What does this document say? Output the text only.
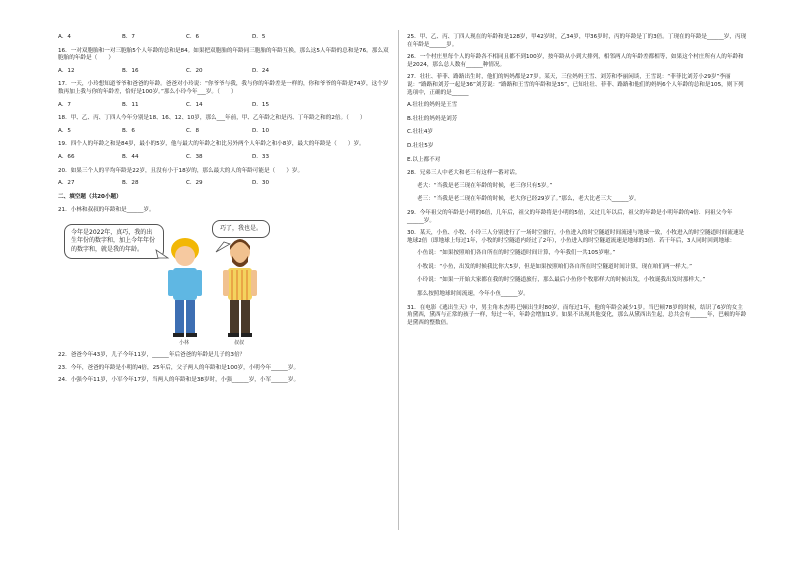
A．4	B．7	C．6	D．5
16．一对双胞胎和一对三胞胎5个人年龄的总和是84。如果把双胞胎的年龄同三胞胎的年龄互换，那么这5人年龄的总和是76。那么双胞胎的年龄是（　　）
A．12	B．16	C．20	D．24
17．一天，小玲想知道爷爷和爸爸的年龄。爸爸对小玲说：“你爷爷与我，我与你的年龄差是一样的，你和爷爷的年龄是74岁，这个岁数再加上我与你的年龄差，恰好是100岁。”那么小玲今年___岁。（　　）
A．7	B．11	C．14	D．15
18．甲、乙、丙、丁四人今年分别是18、16、12、10岁，那么___年前，甲、乙年龄之和是丙、丁年龄之和的2倍。（　　）
A．5	B．6	C．8	D．10
19．四个人的年龄之和是84岁，最小的5岁，他与最大的年龄之和比另外两个人年龄之和小8岁，最大的年龄是（　　）岁。
A．66	B．44	C．38	D．33
20．如果三个人的平均年龄是22岁，且没有小于18岁的，那么最大的人的年龄可能是（　　）岁。
A．27	B．28	C．29	D．30
二、填空题（共20小题）
21．小林和叔叔的年龄和是______岁。
今年是2022年，真巧，我的出生年份的数字和，加上今年年份的数字和，就是我的年龄。
巧了，我也是。
小林	叔叔
22．爸爸今年43岁，儿子今年11岁，______年后爸爸的年龄是儿子的3倍？
23．今年，爸爸的年龄是小明的4倍，25年后，父子两人的年龄和是100岁，小明今年______岁。
24．小强今年11岁，小军今年17岁，当两人的年龄和是38岁时，小强______岁，小军______岁。
25．甲、乙、丙、丁四人现在的年龄和是128岁，甲42岁时，乙34岁，甲36岁时，丙的年龄是丁的3倍。丁现在的年龄是______岁，丙现在年龄是______岁。
26．一个村庄里每个人的年龄各不相同且都不到100岁，按年龄从小到大排列，相邻两人的年龄差都相等，如果这个村庄所有人的年龄和是2024，那么总人数有______种情况。
27．壮壮、菲菲、路路出生时，他们的妈妈都是27岁。某天，三位妈妈王雪、刘芳和李丽闲谈，王雪说：“菲菲比刘芳小29岁”李丽说：“路路和刘芳一起是36”刘芳说：“路路和王雪的年龄和是35”，已知壮壮、菲菲、路路和他们的妈妈6个人年龄的总和是105，则下列选项中，正确的是______
A.壮壮的妈妈是王雪
B.壮壮的妈妈是刘芳
C.壮壮4岁
D.壮壮5岁
E.以上都不对
28．兄弟三人中老大和老三有这样一番对话。
老大：“当我是老三现在年龄的时候，老三你只有5岁。”
老三：“当我是老二现在年龄的时候，老大你已经29岁了。”那么，老大比老三大______岁。
29．今年祖父的年龄是小明的6倍，几年后，祖父的年龄将是小明的5倍，又过几年以后，祖父的年龄是小明年龄的4倍．问祖父今年______岁。
30．某天，小鱼、小牧、小玲三人分别进行了一场时空旅行，小鱼进入的时空隧道时间流速与地球一致，小牧进入的时空隧道时间流速是地球2倍（即地球上每过1年，小牧的时空隧道内经过了2年），小鱼进入的时空隧道流速是地球的3倍．若干年后，3人同时回到地球：
小鱼说：“如果按照咱们各自所在的时空隧道时间计算，今年我们一共105岁啦。”
小牧说：“小鱼，出发的时候我比你大5岁，但是如果按照咱们各自所在时空隧道时间计算，现在咱们两一样大。”
小玲说：“如果一开始大家都在我的时空隧道旅行，那么最后小鱼你个牧那样大的时候出发，小牧诞我出发时那样大。”
那么按照地球时间流速，今年小鱼______岁。
31．在电影《逃出生天》中，男主角本杰明·巴顿出生时80岁，而每过1年，他的年龄会减少1岁。当巴顿78岁的时候，结识了6岁的女主角黛西，黛西与正常的孩子一样，每过一年，年龄会增加1岁。如果不出现其他变化，那么从黛西出生起，总共会有______年，巴顿的年龄是黛西的整数倍。
